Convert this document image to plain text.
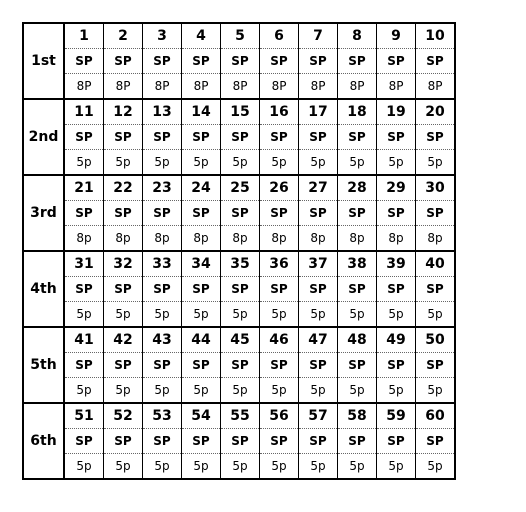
1st	1	2	3	4	5	6	7	8	9	10
	SP	SP	SP	SP	SP	SP	SP	SP	SP	SP
	8P	8P	8P	8P	8P	8P	8P	8P	8P	8P
2nd	11	12	13	14	15	16	17	18	19	20
	SP	SP	SP	SP	SP	SP	SP	SP	SP	SP
	5p	5p	5p	5p	5p	5p	5p	5p	5p	5p
3rd	21	22	23	24	25	26	27	28	29	30
	SP	SP	SP	SP	SP	SP	SP	SP	SP	SP
	8p	8p	8p	8p	8p	8p	8p	8p	8p	8p
4th	31	32	33	34	35	36	37	38	39	40
	SP	SP	SP	SP	SP	SP	SP	SP	SP	SP
	5p	5p	5p	5p	5p	5p	5p	5p	5p	5p
5th	41	42	43	44	45	46	47	48	49	50
	SP	SP	SP	SP	SP	SP	SP	SP	SP	SP
	5p	5p	5p	5p	5p	5p	5p	5p	5p	5p
6th	51	52	53	54	55	56	57	58	59	60
	SP	SP	SP	SP	SP	SP	SP	SP	SP	SP
	5p	5p	5p	5p	5p	5p	5p	5p	5p	5p
